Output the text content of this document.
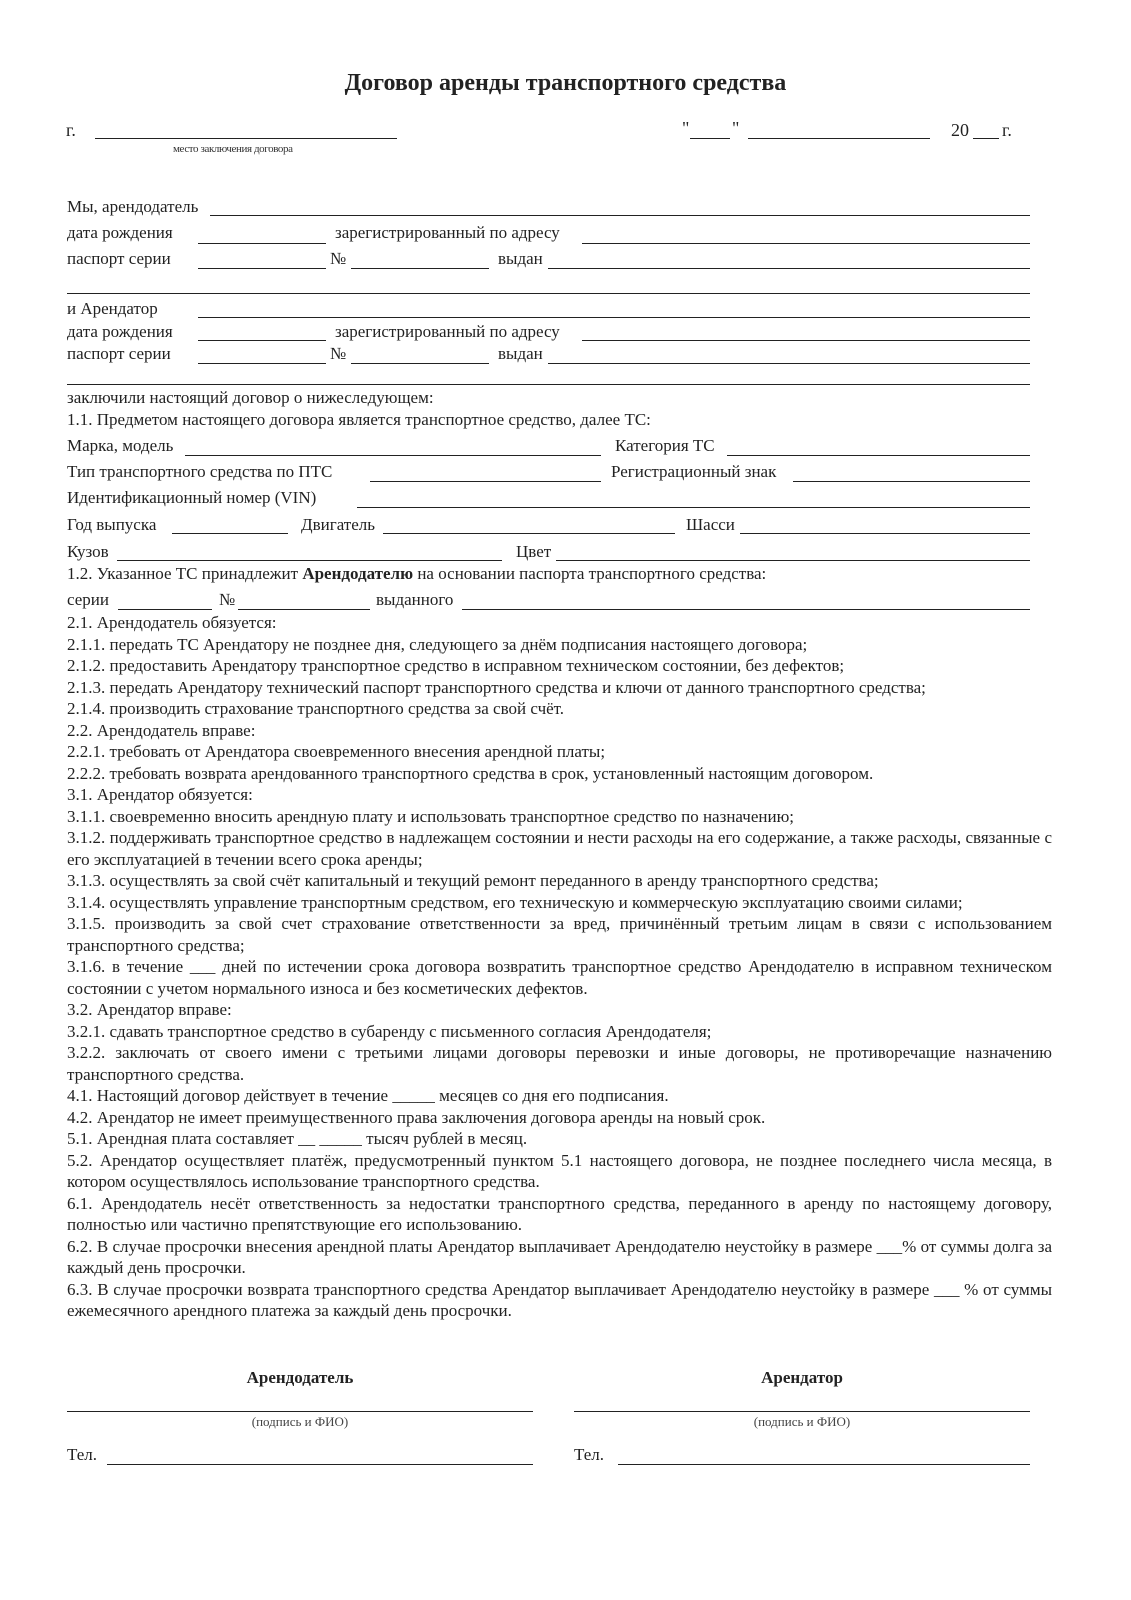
Договор аренды транспортного средства
г.
место заключения договора
" "	20 г.
Мы, арендодатель
дата рождения	зарегистрированный по адресу
паспорт серии	№	выдан
и Арендатор
дата рождения	зарегистрированный по адресу
паспорт серии	№	выдан
заключили настоящий договор о нижеследующем:
1.1. Предметом настоящего договора является транспортное средство, далее ТС:
Марка, модель	Категория ТС
Тип транспортного средства по ПТС	Регистрационный знак
Идентификационный номер (VIN)
Год выпуска	Двигатель	Шасси
Кузов	Цвет
1.2. Указанное ТС принадлежит Арендодателю на основании паспорта транспортного средства:
серии	№	выданного
2.1. Арендодатель обязуется:
2.1.1. передать ТС Арендатору не позднее дня, следующего за днём подписания настоящего договора;
2.1.2. предоставить Арендатору транспортное средство в исправном техническом состоянии, без дефектов;
2.1.3. передать Арендатору технический паспорт транспортного средства и ключи от данного транспортного средства;
2.1.4. производить страхование транспортного средства за свой счёт.
2.2. Арендодатель вправе:
2.2.1. требовать от Арендатора своевременного внесения арендной платы;
2.2.2. требовать возврата арендованного транспортного средства в срок, установленный настоящим договором.
3.1. Арендатор обязуется:
3.1.1. своевременно вносить арендную плату и использовать транспортное средство по назначению;
3.1.2. поддерживать транспортное средство в надлежащем состоянии и нести расходы на его содержание, а также расходы, связанные с его эксплуатацией в течении всего срока аренды;
3.1.3. осуществлять за свой счёт капитальный и текущий ремонт переданного в аренду транспортного средства;
3.1.4. осуществлять управление транспортным средством, его техническую и коммерческую эксплуатацию своими силами;
3.1.5. производить за свой счет страхование ответственности за вред, причинённый третьим лицам в связи с использованием транспортного средства;
3.1.6. в течение ___ дней по истечении срока договора возвратить транспортное средство Арендодателю в исправном техническом состоянии с учетом нормального износа и без косметических дефектов.
3.2. Арендатор вправе:
3.2.1. сдавать транспортное средство в субаренду с письменного согласия Арендодателя;
3.2.2. заключать от своего имени с третьими лицами договоры перевозки и иные договоры, не противоречащие назначению транспортного средства.
4.1. Настоящий договор действует в течение _____ месяцев со дня его подписания.
4.2. Арендатор не имеет преимущественного права заключения договора аренды на новый срок.
5.1. Арендная плата составляет __ _____ тысяч рублей в месяц.
5.2. Арендатор осуществляет платёж, предусмотренный пунктом 5.1 настоящего договора, не позднее последнего числа месяца, в котором осуществлялось использование транспортного средства.
6.1. Арендодатель несёт ответственность за недостатки транспортного средства, переданного в аренду по настоящему договору, полностью или частично препятствующие его использованию.
6.2. В случае просрочки внесения арендной платы Арендатор выплачивает Арендодателю неустойку в размере ___% от суммы долга за каждый день просрочки.
6.3. В случае просрочки возврата транспортного средства Арендатор выплачивает Арендодателю неустойку в размере ___ % от суммы ежемесячного арендного платежа за каждый день просрочки.
Арендодатель	Арендатор
(подпись и ФИО)	(подпись и ФИО)
Тел.	Тел.
